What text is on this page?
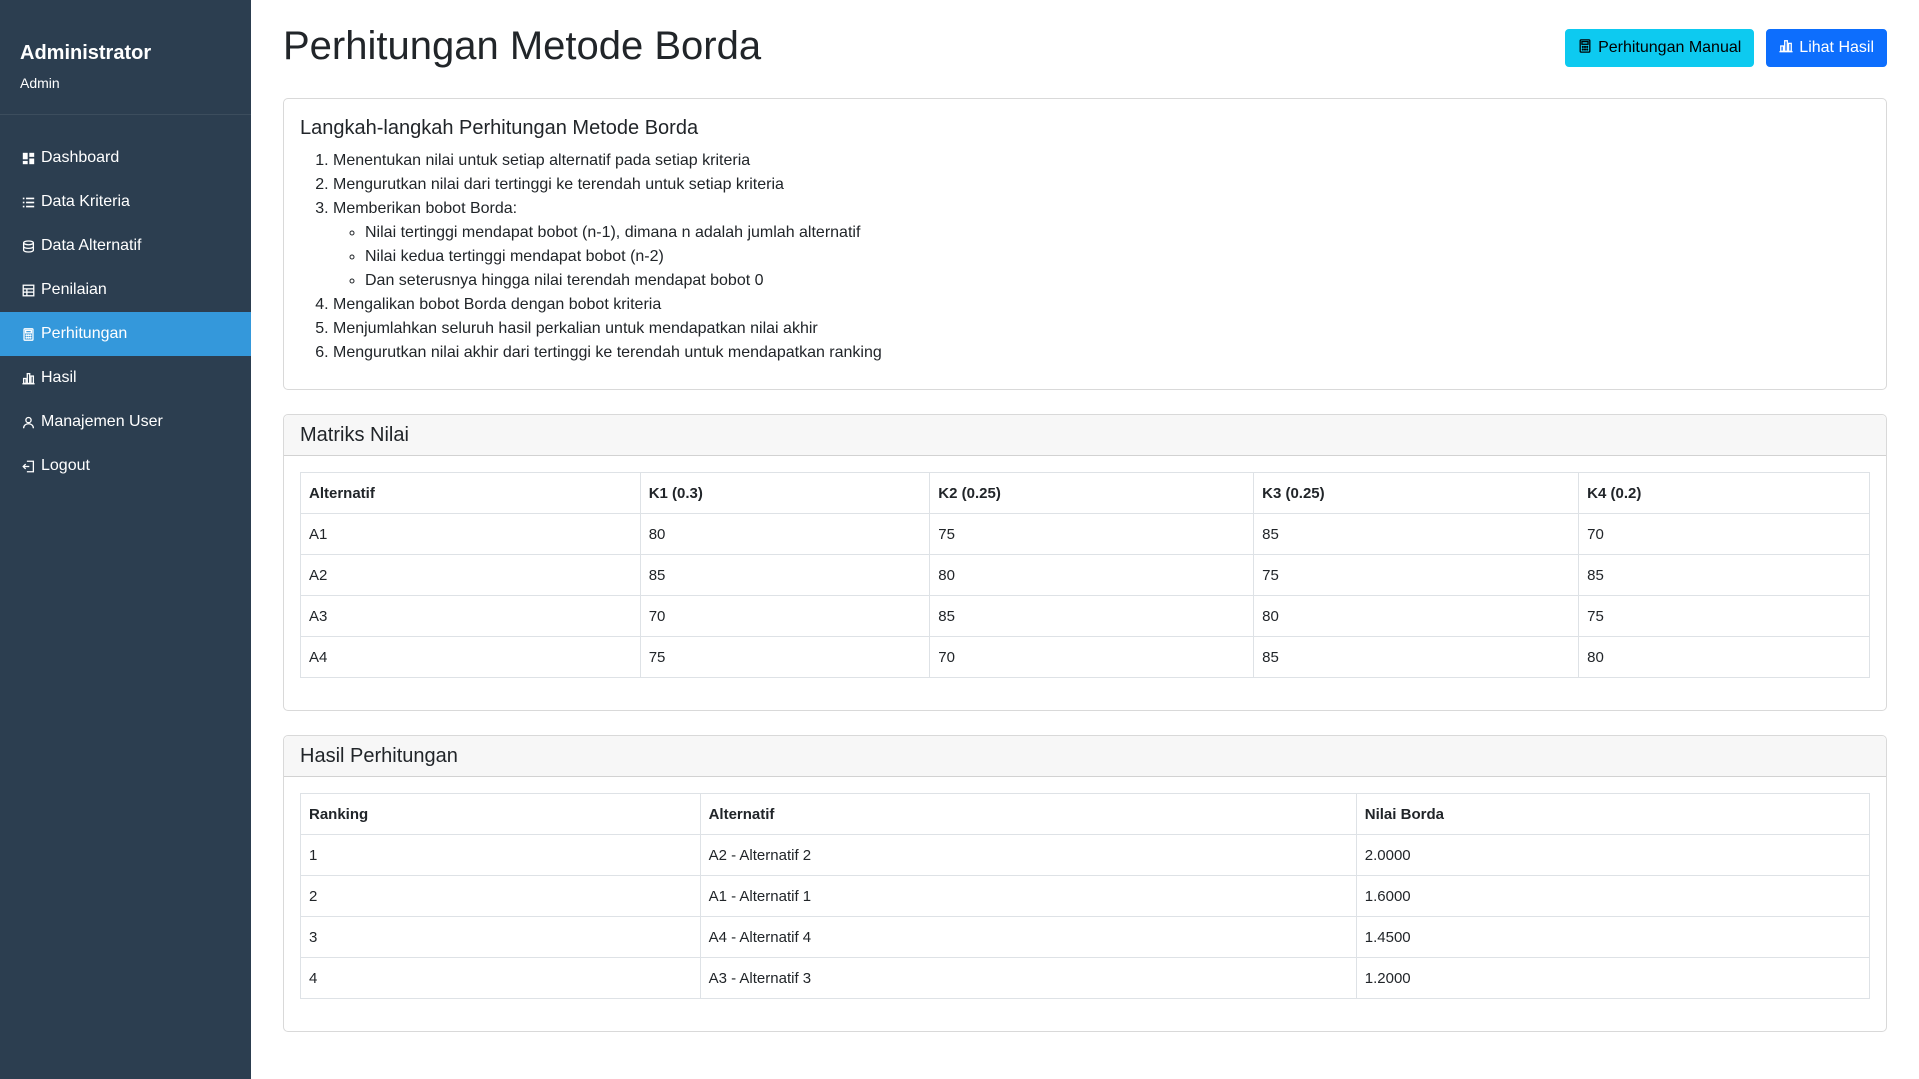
Administrator
Admin
Dashboard
Data Kriteria
Data Alternatif
Penilaian
Perhitungan
Hasil
Manajemen User
Logout
Perhitungan Metode Borda	Perhitungan Manual	Lihat Hasil
Langkah-langkah Perhitungan Metode Borda
1. Menentukan nilai untuk setiap alternatif pada setiap kriteria
2. Mengurutkan nilai dari tertinggi ke terendah untuk setiap kriteria
3. Memberikan bobot Borda:
◦ Nilai tertinggi mendapat bobot (n-1), dimana n adalah jumlah alternatif
◦ Nilai kedua tertinggi mendapat bobot (n-2)
◦ Dan seterusnya hingga nilai terendah mendapat bobot 0
4. Mengalikan bobot Borda dengan bobot kriteria
5. Menjumlahkan seluruh hasil perkalian untuk mendapatkan nilai akhir
6. Mengurutkan nilai akhir dari tertinggi ke terendah untuk mendapatkan ranking
Matriks Nilai
Alternatif	K1 (0.3)	K2 (0.25)	K3 (0.25)	K4 (0.2)
A1	80	75	85	70
A2	85	80	75	85
A3	70	85	80	75
A4	75	70	85	80
Hasil Perhitungan
Ranking	Alternatif	Nilai Borda
1	A2 - Alternatif 2	2.0000
2	A1 - Alternatif 1	1.6000
3	A4 - Alternatif 4	1.4500
4	A3 - Alternatif 3	1.2000
